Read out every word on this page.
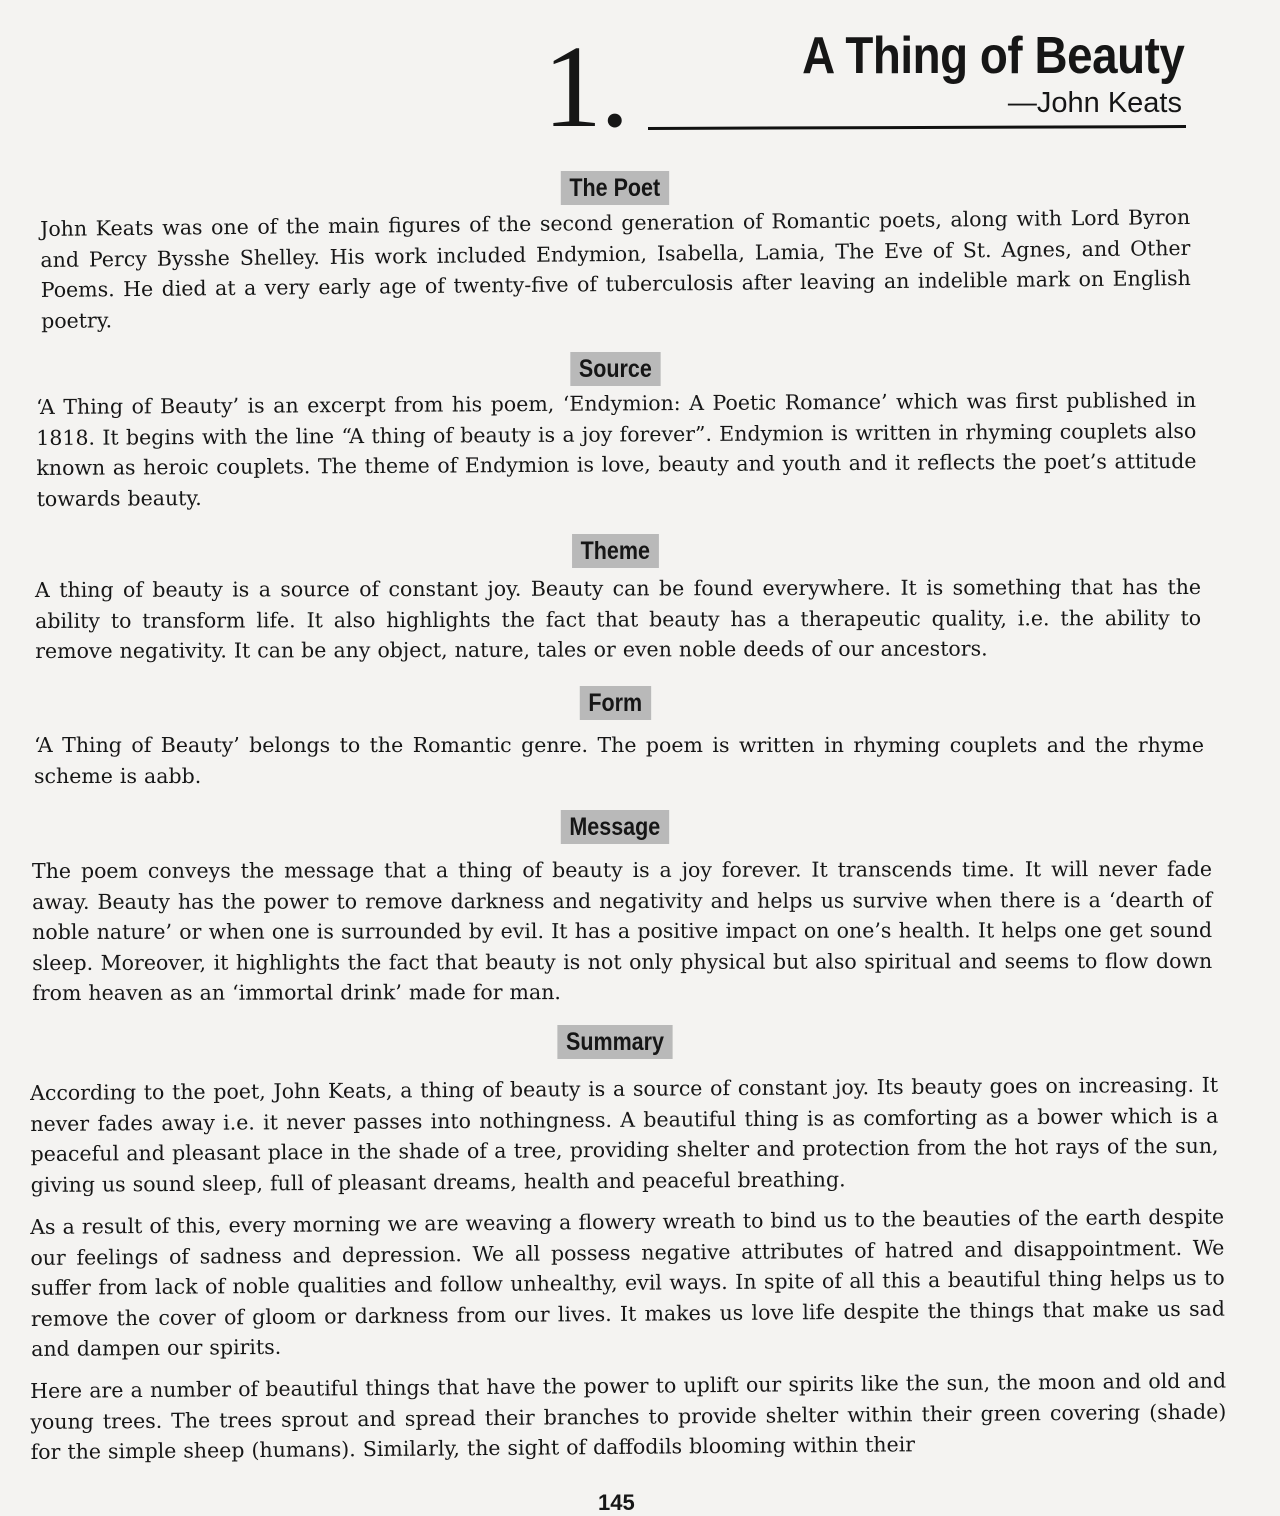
1.	A Thing of Beauty
—John Keats
The Poet
John Keats was one of the main figures of the second generation of Romantic poets, along with Lord Byron and Percy Bysshe Shelley. His work included Endymion, Isabella, Lamia, The Eve of St. Agnes, and Other Poems. He died at a very early age of twenty-five of tuberculosis after leaving an indelible mark on English poetry.
Source
‘A Thing of Beauty’ is an excerpt from his poem, ‘Endymion: A Poetic Romance’ which was first published in 1818. It begins with the line “A thing of beauty is a joy forever”. Endymion is written in rhyming couplets also known as heroic couplets. The theme of Endymion is love, beauty and youth and it reflects the poet’s attitude towards beauty.
Theme
A thing of beauty is a source of constant joy. Beauty can be found everywhere. It is something that has the ability to transform life. It also highlights the fact that beauty has a therapeutic quality, i.e. the ability to remove negativity. It can be any object, nature, tales or even noble deeds of our ancestors.
Form
‘A Thing of Beauty’ belongs to the Romantic genre. The poem is written in rhyming couplets and the rhyme scheme is aabb.
Message
The poem conveys the message that a thing of beauty is a joy forever. It transcends time. It will never fade away. Beauty has the power to remove darkness and negativity and helps us survive when there is a ‘dearth of noble nature’ or when one is surrounded by evil. It has a positive impact on one’s health. It helps one get sound sleep. Moreover, it highlights the fact that beauty is not only physical but also spiritual and seems to flow down from heaven as an ‘immortal drink’ made for man.
Summary
According to the poet, John Keats, a thing of beauty is a source of constant joy. Its beauty goes on increasing. It never fades away i.e. it never passes into nothingness. A beautiful thing is as comforting as a bower which is a peaceful and pleasant place in the shade of a tree, providing shelter and protection from the hot rays of the sun, giving us sound sleep, full of pleasant dreams, health and peaceful breathing.
As a result of this, every morning we are weaving a flowery wreath to bind us to the beauties of the earth despite our feelings of sadness and depression. We all possess negative attributes of hatred and disappointment. We suffer from lack of noble qualities and follow unhealthy, evil ways. In spite of all this a beautiful thing helps us to remove the cover of gloom or darkness from our lives. It makes us love life despite the things that make us sad and dampen our spirits.
Here are a number of beautiful things that have the power to uplift our spirits like the sun, the moon and old and young trees. The trees sprout and spread their branches to provide shelter within their green covering (shade) for the simple sheep (humans). Similarly, the sight of daffodils blooming within their
145
